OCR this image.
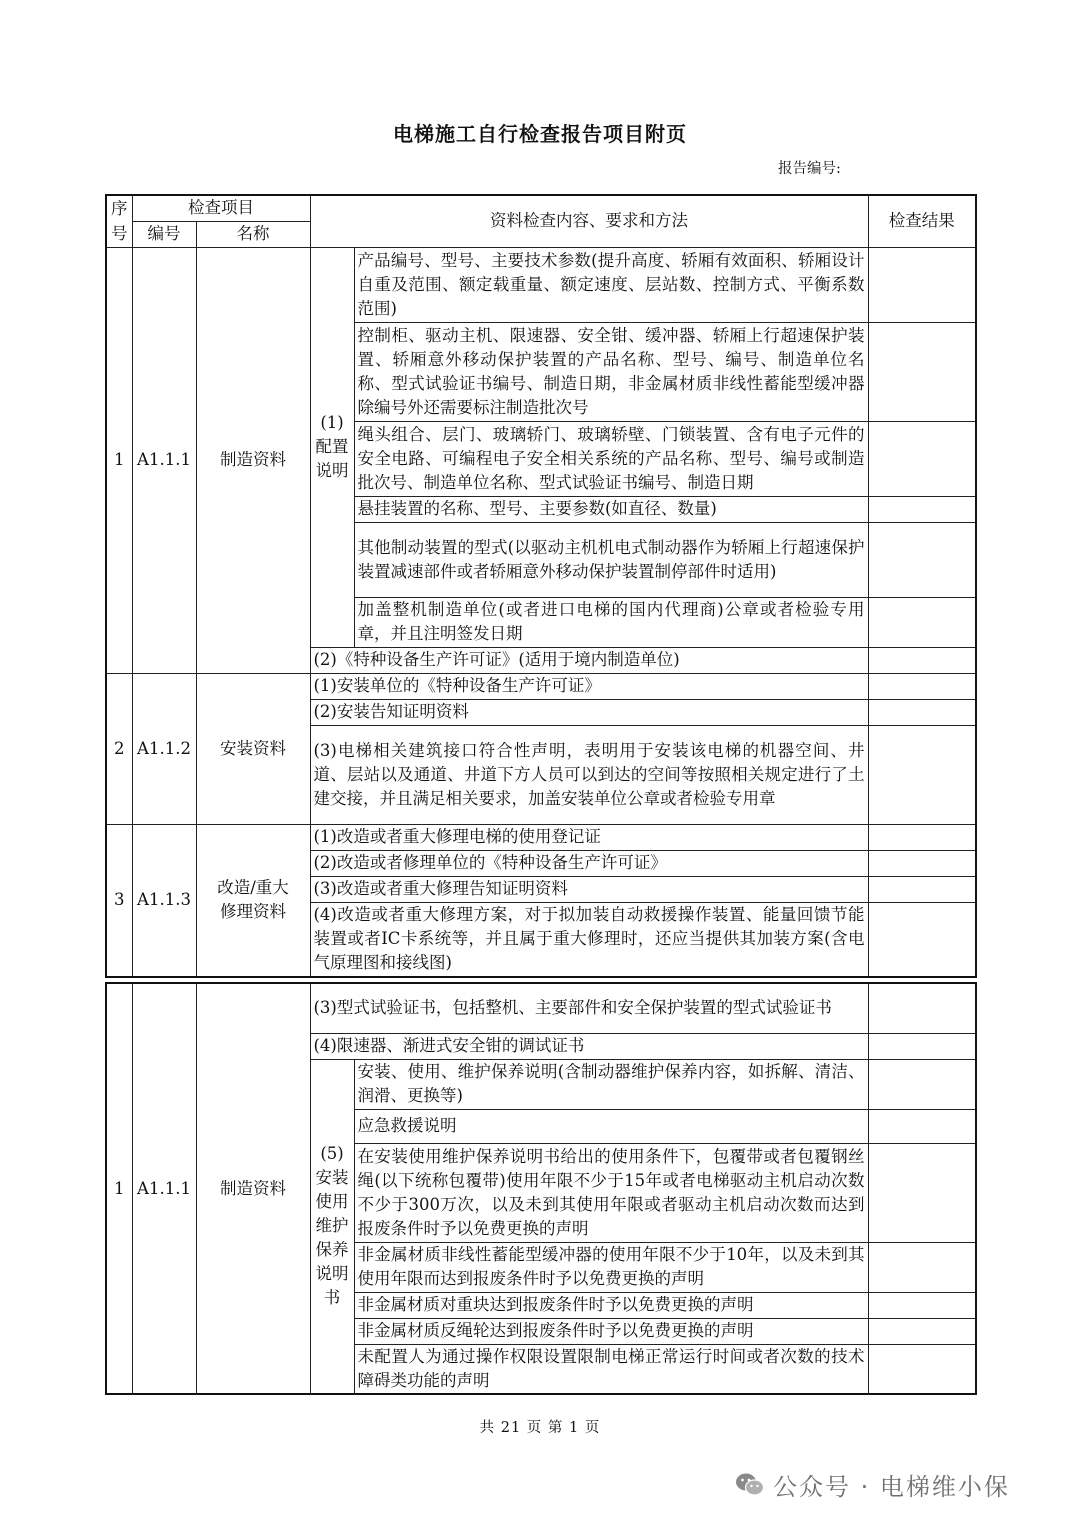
电梯施工自行检查报告项目附页
报告编号:
序号	检查项目		资料检查内容、要求和方法		检查结果
	编号	名称			
1	A1.1.1	制造资料	(1)配置说明	产品编号、型号、主要技术参数(提升高度、轿厢有效面积、轿厢设计自重及范围、额定载重量、额定速度、层站数、控制方式、平衡系数范围)	
				控制柜、驱动主机、限速器、安全钳、缓冲器、轿厢上行超速保护装置、轿厢意外移动保护装置的产品名称、型号、编号、制造单位名称、型式试验证书编号、制造日期，非金属材质非线性蓄能型缓冲器除编号外还需要标注制造批次号	
				绳头组合、层门、玻璃轿门、玻璃轿壁、门锁装置、含有电子元件的安全电路、可编程电子安全相关系统的产品名称、型号、编号或制造批次号、制造单位名称、型式试验证书编号、制造日期	
				悬挂装置的名称、型号、主要参数(如直径、数量)	
				其他制动装置的型式(以驱动主机机电式制动器作为轿厢上行超速保护装置减速部件或者轿厢意外移动保护装置制停部件时适用)	
				加盖整机制造单位(或者进口电梯的国内代理商)公章或者检验专用章，并且注明签发日期	
			(2)《特种设备生产许可证》(适用于境内制造单位)		
2	A1.1.2	安装资料	(1)安装单位的《特种设备生产许可证》		
			(2)安装告知证明资料		
			(3)电梯相关建筑接口符合性声明，表明用于安装该电梯的机器空间、井道、层站以及通道、井道下方人员可以到达的空间等按照相关规定进行了土建交接，并且满足相关要求，加盖安装单位公章或者检验专用章		
3	A1.1.3	改造/重大修理资料	(1)改造或者重大修理电梯的使用登记证		
			(2)改造或者修理单位的《特种设备生产许可证》		
			(3)改造或者重大修理告知证明资料		
			(4)改造或者重大修理方案，对于拟加装自动救援操作装置、能量回馈节能装置或者IC卡系统等，并且属于重大修理时，还应当提供其加装方案(含电气原理图和接线图)		
1	A1.1.1	制造资料	(3)型式试验证书，包括整机、主要部件和安全保护装置的型式试验证书		
			(4)限速器、渐进式安全钳的调试证书		
			(5)安装使用维护保养说明书	安装、使用、维护保养说明(含制动器维护保养内容，如拆解、清洁、润滑、更换等)	
				应急救援说明	
				在安装使用维护保养说明书给出的使用条件下，包覆带或者包覆钢丝绳(以下统称包覆带)使用年限不少于15年或者电梯驱动主机启动次数不少于300万次，以及未到其使用年限或者驱动主机启动次数而达到报废条件时予以免费更换的声明	
				非金属材质非线性蓄能型缓冲器的使用年限不少于10年，以及未到其使用年限而达到报废条件时予以免费更换的声明	
				非金属材质对重块达到报废条件时予以免费更换的声明	
				非金属材质反绳轮达到报废条件时予以免费更换的声明	
				未配置人为通过操作权限设置限制电梯正常运行时间或者次数的技术障碍类功能的声明	
共 21 页 第 1 页
公众号 · 电梯维小保
